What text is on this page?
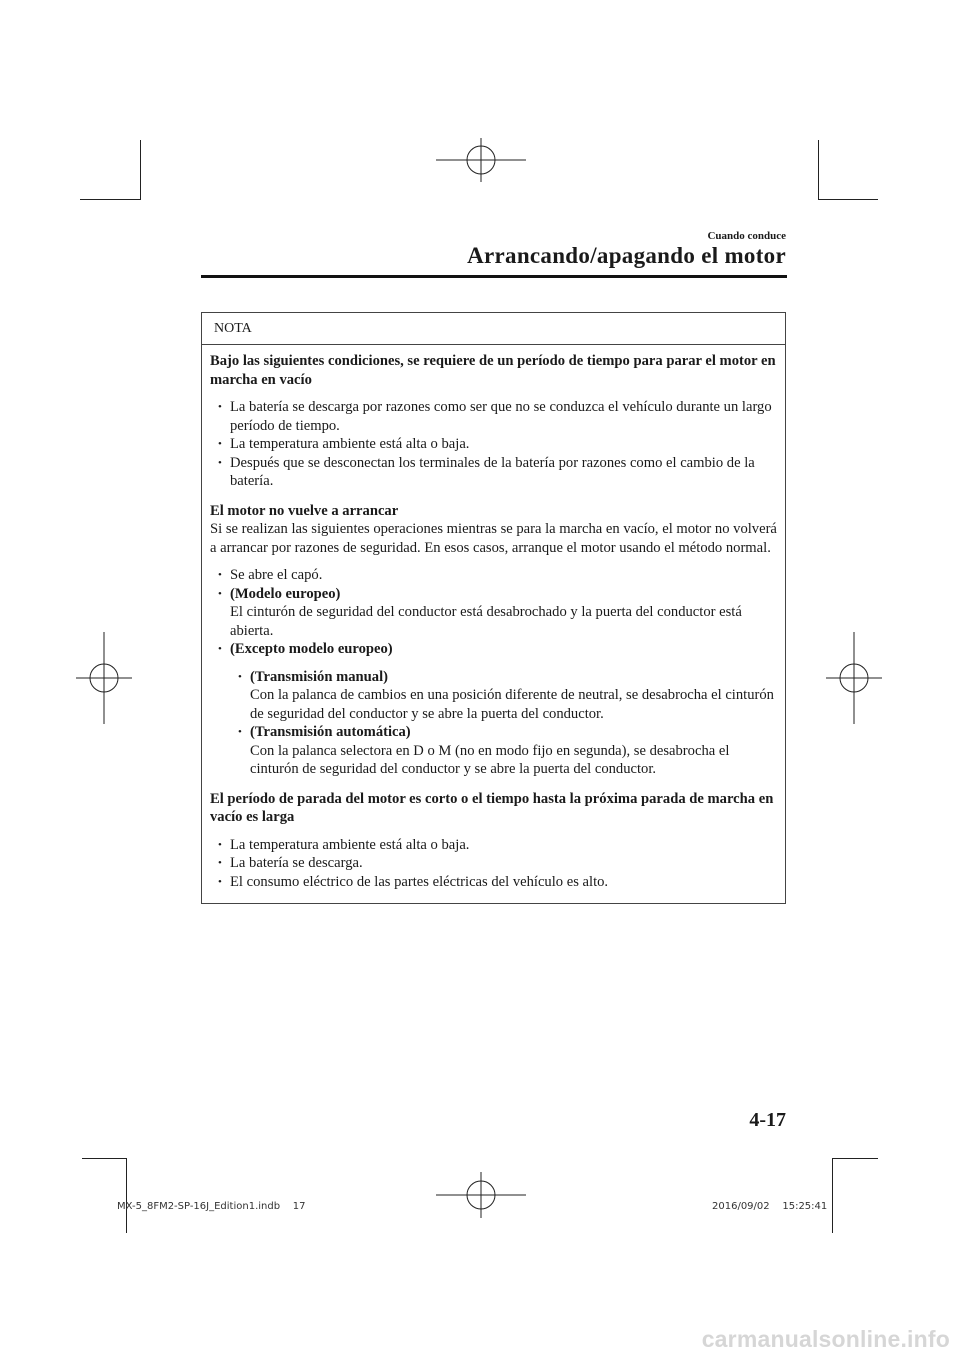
Cuando conduce
Arrancando/apagando el motor
NOTA

Bajo las siguientes condiciones, se requiere de un período de tiempo para parar el motor en marcha en vacío

• La batería se descarga por razones como ser que no se conduzca el vehículo durante un largo período de tiempo.
• La temperatura ambiente está alta o baja.
• Después que se desconectan los terminales de la batería por razones como el cambio de la batería.

El motor no vuelve a arrancar

Si se realizan las siguientes operaciones mientras se para la marcha en vacío, el motor no volverá a arrancar por razones de seguridad. En esos casos, arranque el motor usando el método normal.

• Se abre el capó.
• (Modelo europeo)
El cinturón de seguridad del conductor está desabrochado y la puerta del conductor está abierta.
• (Excepto modelo europeo)
• (Transmisión manual)
Con la palanca de cambios en una posición diferente de neutral, se desabrocha el cinturón de seguridad del conductor y se abre la puerta del conductor.
• (Transmisión automática)
Con la palanca selectora en D o M (no en modo fijo en segunda), se desabrocha el cinturón de seguridad del conductor y se abre la puerta del conductor.

El período de parada del motor es corto o el tiempo hasta la próxima parada de marcha en vacío es larga

• La temperatura ambiente está alta o baja.
• La batería se descarga.
• El consumo eléctrico de las partes eléctricas del vehículo es alto.
4-17
MX-5_8FM2-SP-16J_Edition1.indb    17	2016/09/02    15:25:41
carmanualsonline.info
